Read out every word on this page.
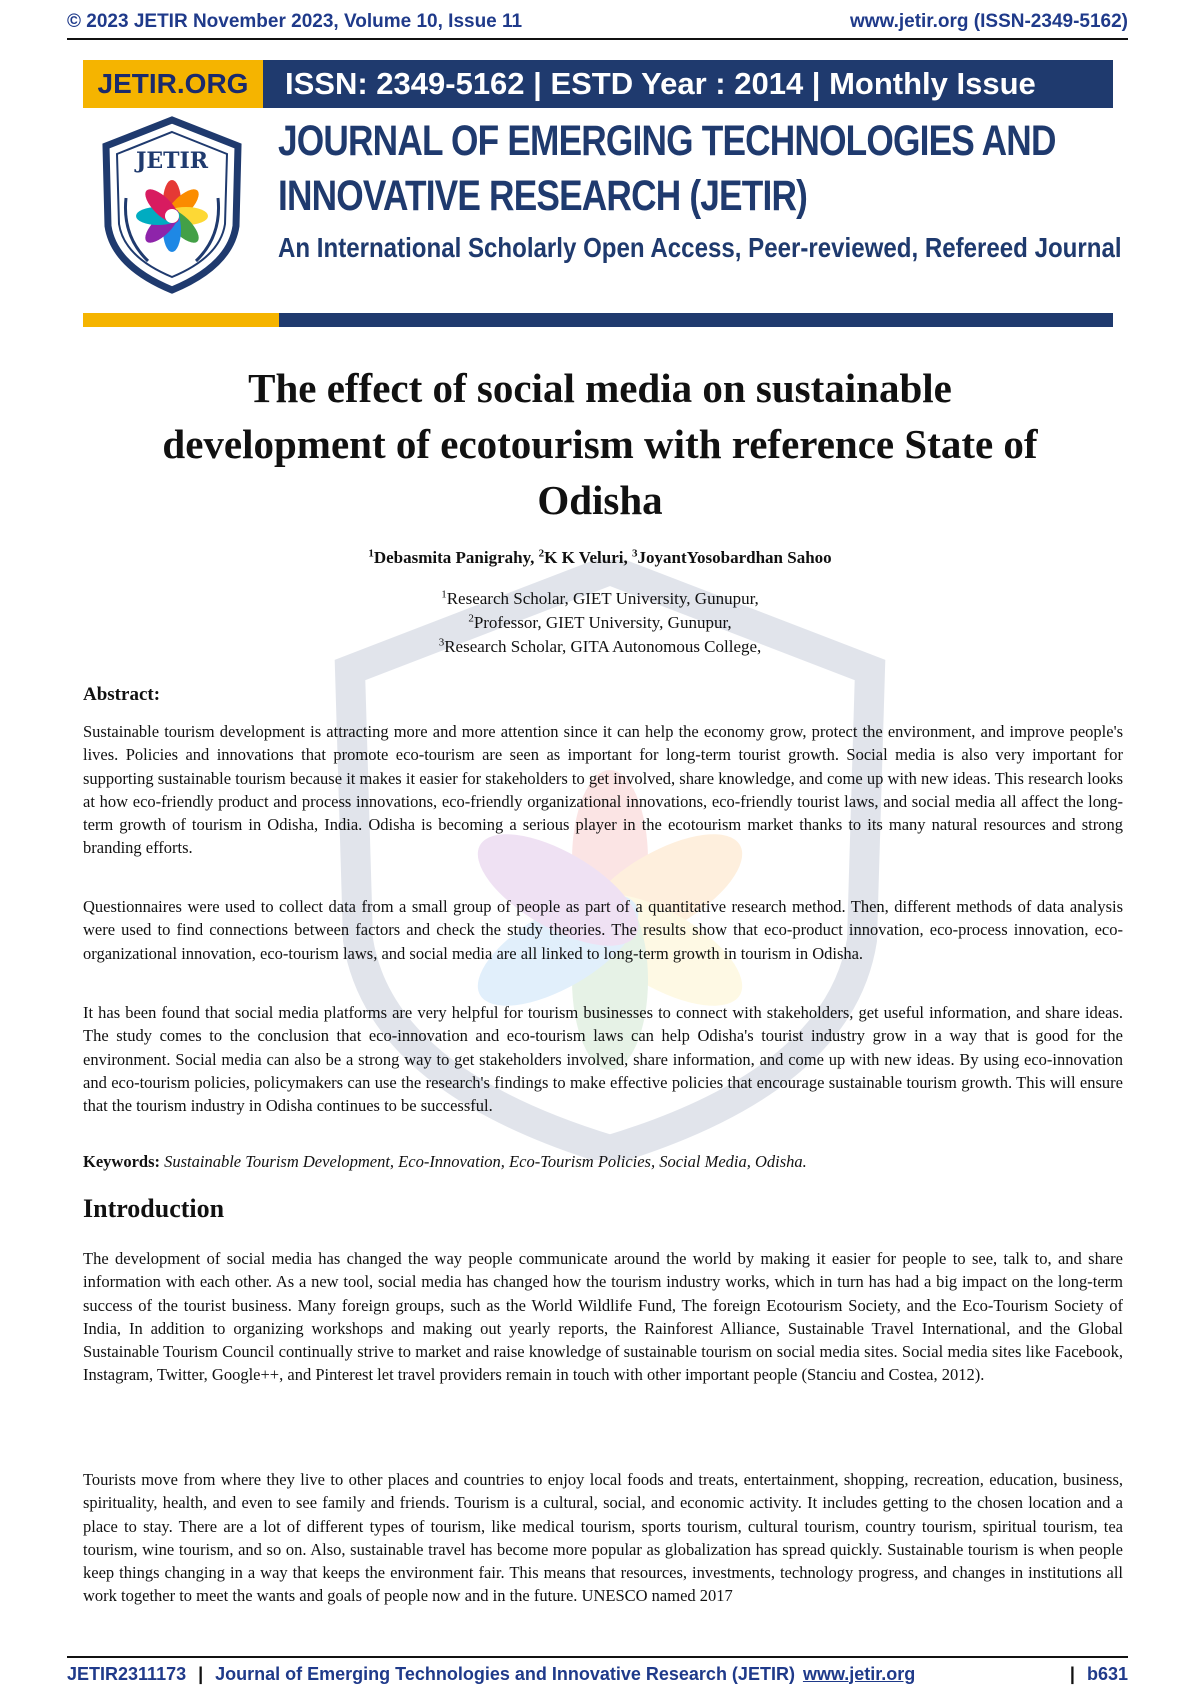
© 2023 JETIR November 2023, Volume 10, Issue 11	www.jetir.org (ISSN-2349-5162)
JETIR.ORG	ISSN: 2349-5162 | ESTD Year : 2014 | Monthly Issue
JETIR JOURNAL OF EMERGING TECHNOLOGIES AND
INNOVATIVE RESEARCH (JETIR)
An International Scholarly Open Access, Peer-reviewed, Refereed Journal
The effect of social media on sustainable
development of ecotourism with reference State of
Odisha
$^1$Debasmita Panigrahy, $^2$K K Veluri, $^3$JoyantYosobardhan Sahoo
$^1$Research Scholar, GIET University, Gunupur,
$^2$Professor, GIET University, Gunupur,
$^3$Research Scholar, GITA Autonomous College,
Abstract:
Sustainable tourism development is attracting more and more attention since it can help the economy grow, protect the environment, and improve people's lives. Policies and innovations that promote eco-tourism are seen as important for long-term tourist growth. Social media is also very important for supporting sustainable tourism because it makes it easier for stakeholders to get involved, share knowledge, and come up with new ideas. This research looks at how eco-friendly product and process innovations, eco-friendly organizational innovations, eco-friendly tourist laws, and social media all affect the long-term growth of tourism in Odisha, India. Odisha is becoming a serious player in the ecotourism market thanks to its many natural resources and strong branding efforts.
Questionnaires were used to collect data from a small group of people as part of a quantitative research method. Then, different methods of data analysis were used to find connections between factors and check the study theories. The results show that eco-product innovation, eco-process innovation, eco-organizational innovation, eco-tourism laws, and social media are all linked to long-term growth in tourism in Odisha.
It has been found that social media platforms are very helpful for tourism businesses to connect with stakeholders, get useful information, and share ideas. The study comes to the conclusion that eco-innovation and eco-tourism laws can help Odisha's tourist industry grow in a way that is good for the environment. Social media can also be a strong way to get stakeholders involved, share information, and come up with new ideas. By using eco-innovation and eco-tourism policies, policymakers can use the research's findings to make effective policies that encourage sustainable tourism growth. This will ensure that the tourism industry in Odisha continues to be successful.
Keywords: Sustainable Tourism Development, Eco-Innovation, Eco-Tourism Policies, Social Media, Odisha.
Introduction
The development of social media has changed the way people communicate around the world by making it easier for people to see, talk to, and share information with each other. As a new tool, social media has changed how the tourism industry works, which in turn has had a big impact on the long-term success of the tourist business. Many foreign groups, such as the World Wildlife Fund, The foreign Ecotourism Society, and the Eco-Tourism Society of India, In addition to organizing workshops and making out yearly reports, the Rainforest Alliance, Sustainable Travel International, and the Global Sustainable Tourism Council continually strive to market and raise knowledge of sustainable tourism on social media sites. Social media sites like Facebook, Instagram, Twitter, Google++, and Pinterest let travel providers remain in touch with other important people (Stanciu and Costea, 2012).
Tourists move from where they live to other places and countries to enjoy local foods and treats, entertainment, shopping, recreation, education, business, spirituality, health, and even to see family and friends. Tourism is a cultural, social, and economic activity. It includes getting to the chosen location and a place to stay. There are a lot of different types of tourism, like medical tourism, sports tourism, cultural tourism, country tourism, spiritual tourism, tea tourism, wine tourism, and so on. Also, sustainable travel has become more popular as globalization has spread quickly. Sustainable tourism is when people keep things changing in a way that keeps the environment fair. This means that resources, investments, technology progress, and changes in institutions all work together to meet the wants and goals of people now and in the future. UNESCO named 2017
JETIR2311173 | Journal of Emerging Technologies and Innovative Research (JETIR) www.jetir.org	| b631
